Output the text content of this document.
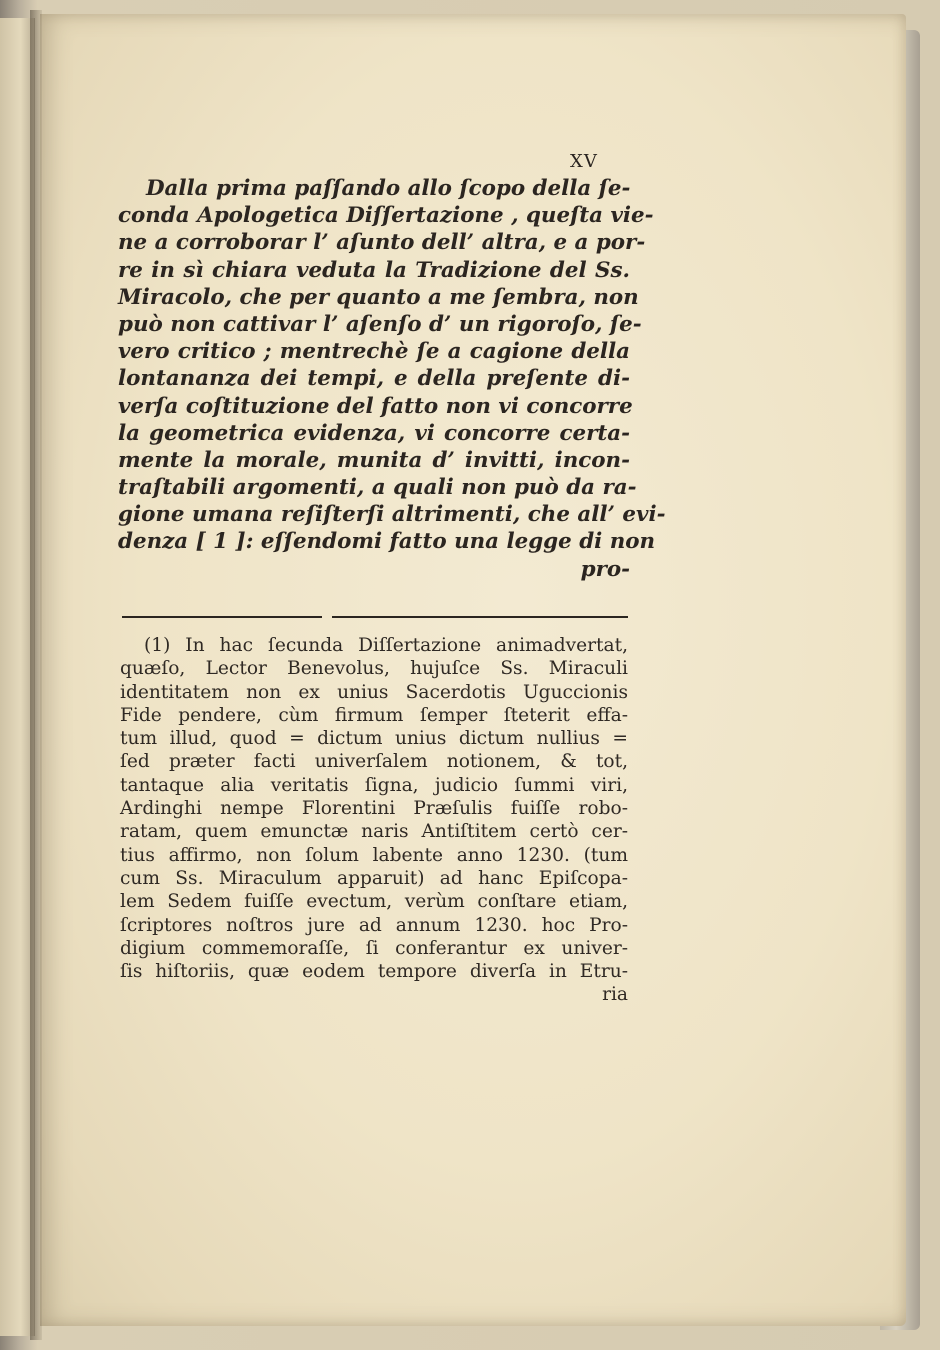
XV
Dalla prima paſſando allo ſcopo della ſe-
conda Apologetica Diſſertazione , queſta vie-
ne a corroborar l’ aſunto dell’ altra, e a por-
re in sì chiara veduta la Tradizione del Ss.
Miracolo, che per quanto a me ſembra, non
può non cattivar l’ aſenſo d’ un rigoroſo, ſe-
vero critico ; mentrechè ſe a cagione della
lontananza dei tempi, e della preſente di-
verſa coſtituzione del fatto non vi concorre
la geometrica evidenza, vi concorre certa-
mente la morale, munita d’ invitti, incon-
traſtabili argomenti, a quali non può da ra-
gione umana reſiſterſi altrimenti, che all’ evi-
denza [ 1 ]: eſſendomi fatto una legge di non
pro-
(1) In hac ſecunda Diſſertazione animadvertat,
quæſo, Lector Benevolus, hujuſce Ss. Miraculi
identitatem non ex unius Sacerdotis Uguccionis
Fide pendere, cùm firmum ſemper ſteterit effa-
tum illud, quod = dictum unius dictum nullius =
ſed præter facti univerſalem notionem, & tot,
tantaque alia veritatis ſigna, judicio ſummi viri,
Ardinghi nempe Florentini Præſulis fuiſſe robo-
ratam, quem emunctæ naris Antiſtitem certò cer-
tius affirmo, non ſolum labente anno 1230. (tum
cum Ss. Miraculum apparuit) ad hanc Epiſcopa-
lem Sedem fuiſſe evectum, verùm conſtare etiam,
ſcriptores noſtros jure ad annum 1230. hoc Pro-
digium commemoraſſe, ſi conferantur ex univer-
ſis hiſtoriis, quæ eodem tempore diverſa in Etru-
ria
